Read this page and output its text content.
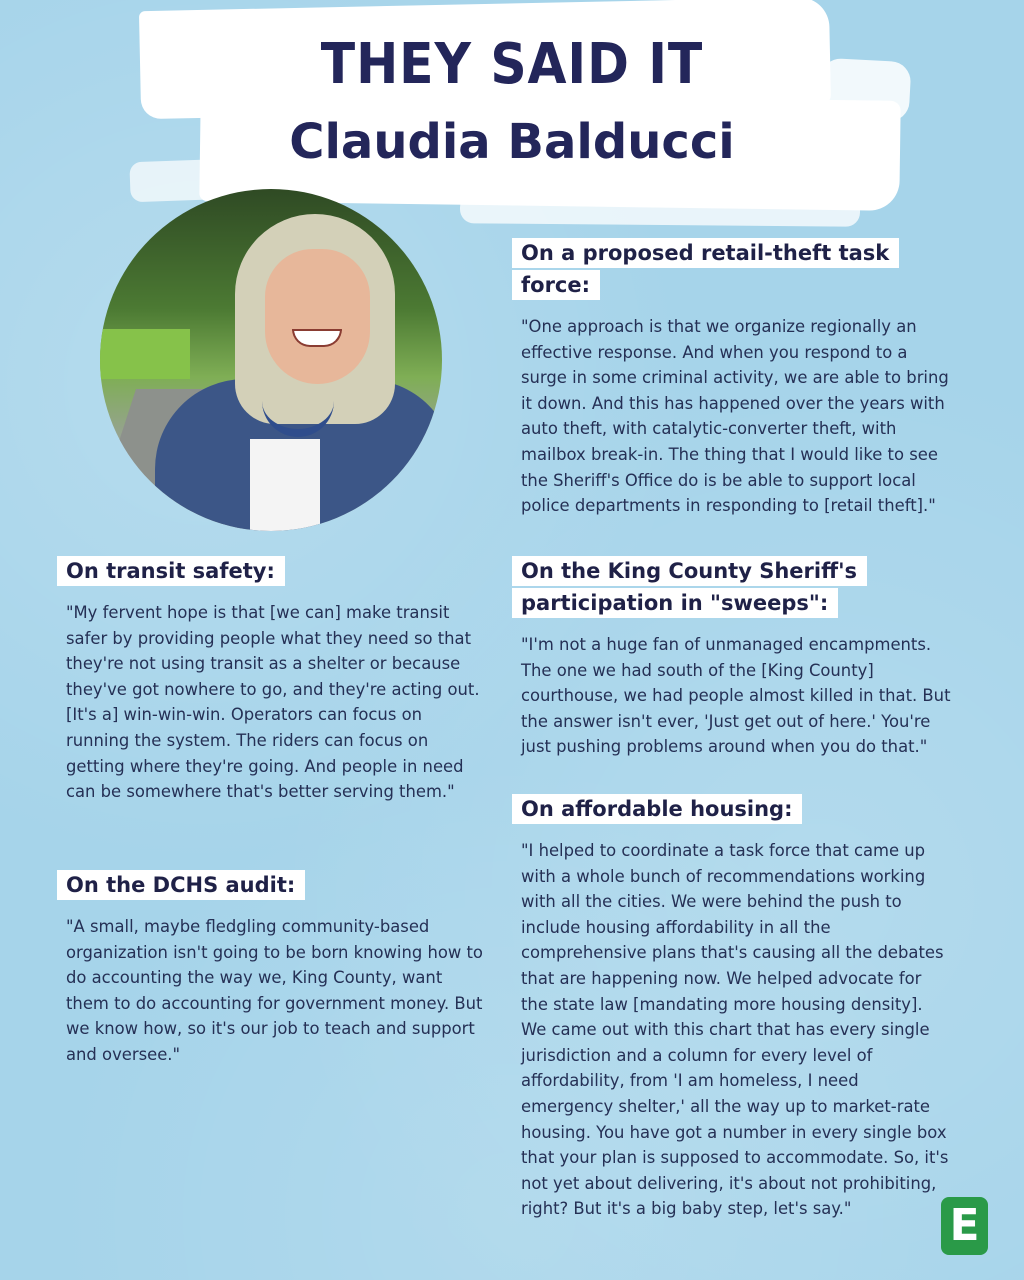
THEY SAID IT
Claudia Balducci
On a proposed retail-theft task force:
"One approach is that we organize regionally an effective response. And when you respond to a surge in some criminal activity, we are able to bring it down. And this has happened over the years with auto theft, with catalytic-converter theft, with mailbox break-in. The thing that I would like to see the Sheriff's Office do is be able to support local police departments in responding to [retail theft]."
On transit safety:
"My fervent hope is that [we can] make transit safer by providing people what they need so that they're not using transit as a shelter or because they've got nowhere to go, and they're acting out. [It's a] win-win-win. Operators can focus on running the system. The riders can focus on getting where they're going. And people in need can be somewhere that's better serving them."
On the DCHS audit:
"A small, maybe fledgling community-based organization isn't going to be born knowing how to do accounting the way we, King County, want them to do accounting for government money. But we know how, so it's our job to teach and support and oversee."
On the King County Sheriff's participation in "sweeps":
"I'm not a huge fan of unmanaged encampments. The one we had south of the [King County] courthouse, we had people almost killed in that. But the answer isn't ever, 'Just get out of here.' You're just pushing problems around when you do that."
On affordable housing:
"I helped to coordinate a task force that came up with a whole bunch of recommendations working with all the cities. We were behind the push to include housing affordability in all the comprehensive plans that's causing all the debates that are happening now. We helped advocate for the state law [mandating more housing density]. We came out with this chart that has every single jurisdiction and a column for every level of affordability, from 'I am homeless, I need emergency shelter,' all the way up to market-rate housing. You have got a number in every single box that your plan is supposed to accommodate. So, it's not yet about delivering, it's about not prohibiting, right? But it's a big baby step, let's say."	E
